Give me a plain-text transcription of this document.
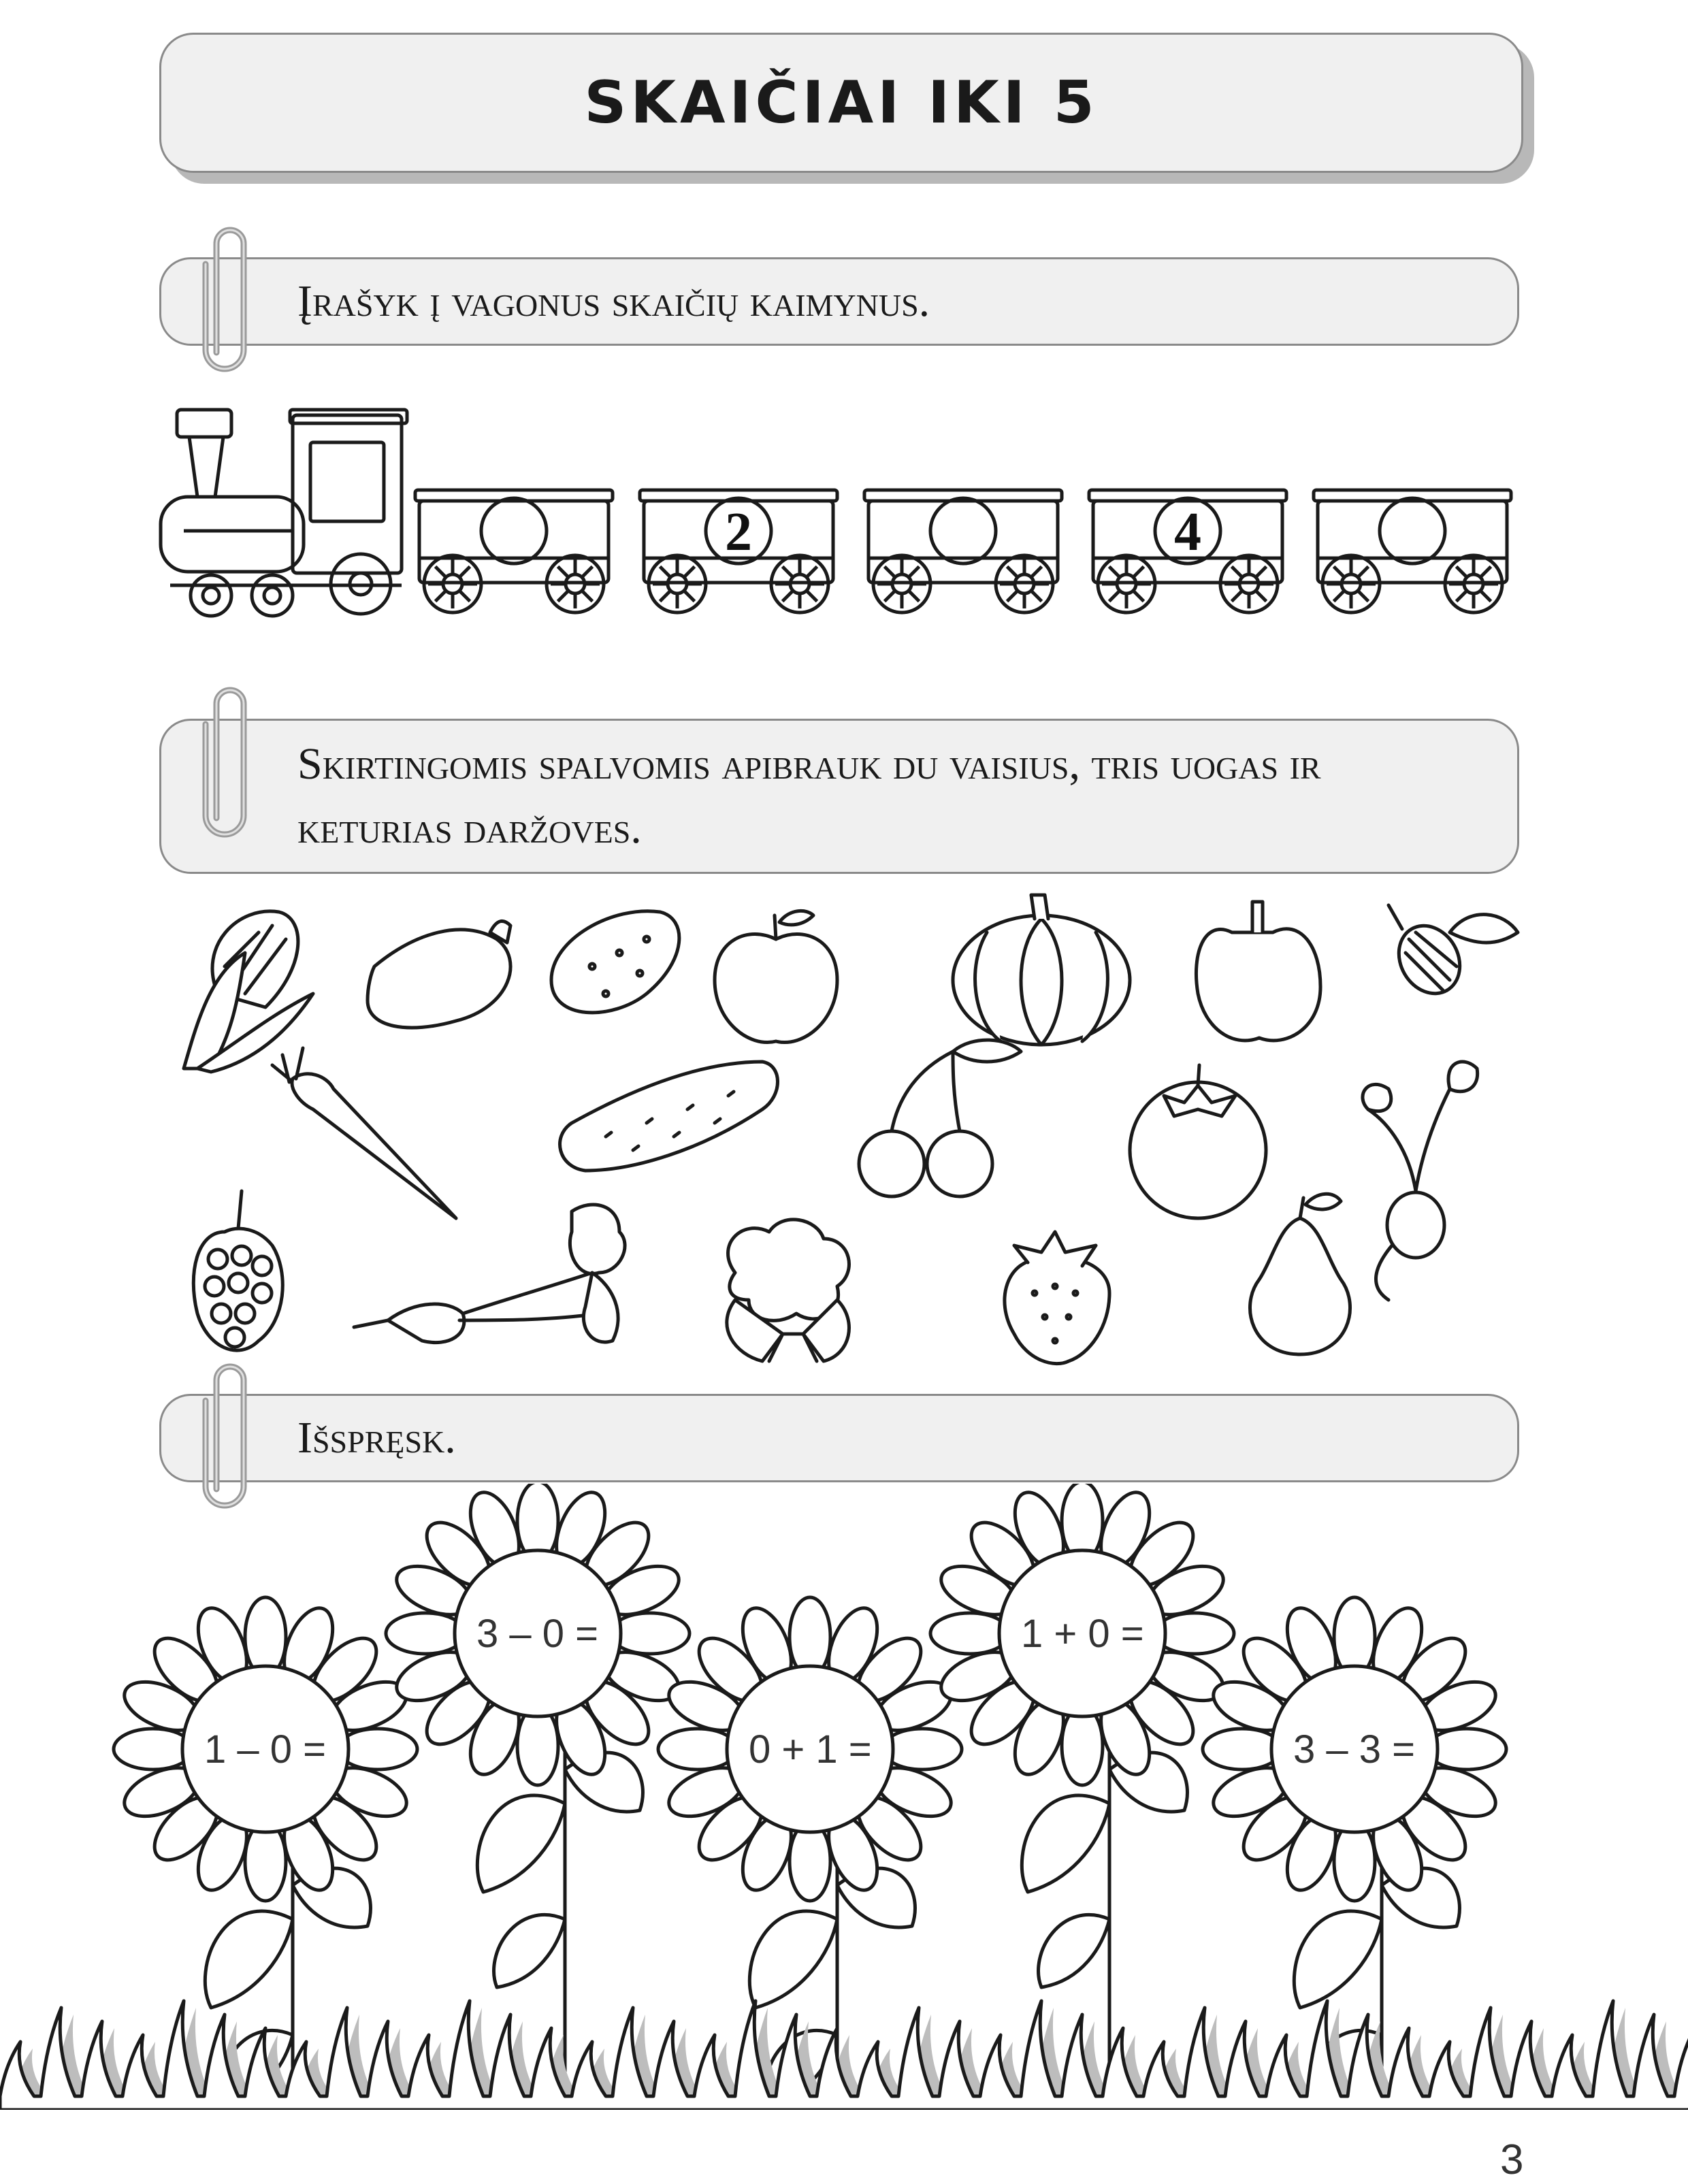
SKAIČIAI IKI 5
Įrašyk į vagonus skaičių kaimynus.
2	4
Skirtingomis spalvomis apibrauk du vaisius, tris uogas ir keturias daržoves.
Išspręsk.
1 – 0 =
3 – 0 =
0 + 1 =
1 + 0 =
3 – 3 =
3
